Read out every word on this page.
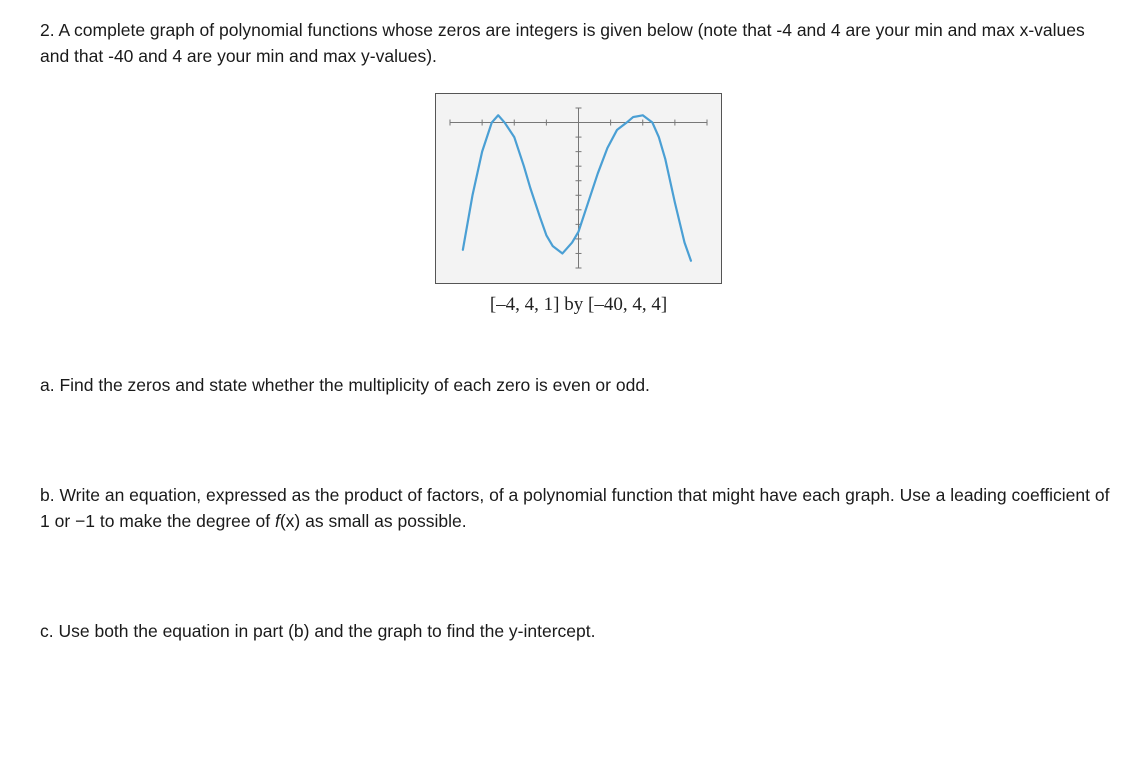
2. A complete graph of polynomial functions whose zeros are integers is given below (note that -4 and 4 are your min and max x-values and that -40 and 4 are your min and max y-values).

[–4, 4, 1] by [–40, 4, 4]

a. Find the zeros and state whether the multiplicity of each zero is even or odd.

b. Write an equation, expressed as the product of factors, of a polynomial function that might have each graph. Use a leading coefficient of 1 or −1 to make the degree of f(x) as small as possible.

c. Use both the equation in part (b) and the graph to find the y-intercept.
